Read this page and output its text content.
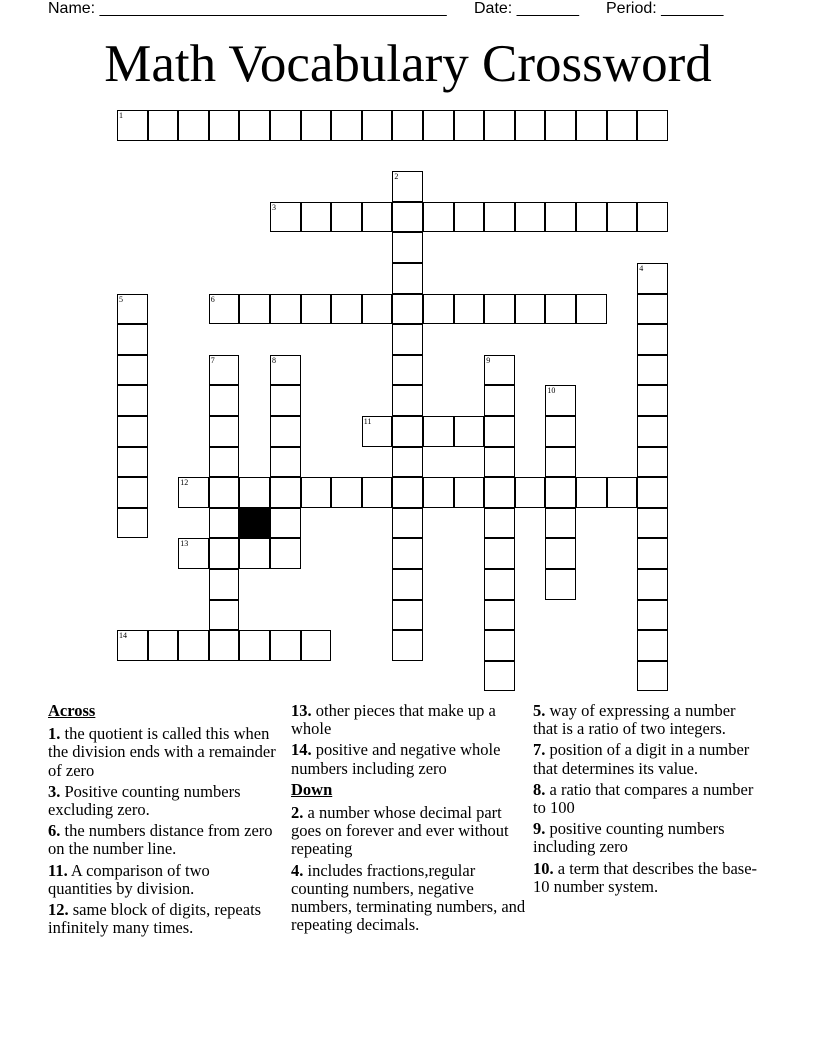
Name: _______________________________________ Date: _______ Period: _______
Math Vocabulary Crossword
1
3
6
11
12
13
14
2
4
5
7	8	9
10
Across
1. the quotient is called this when the division ends with a remainder of zero
3. Positive counting numbers excluding zero.
6. the numbers distance from zero on the number line.
11. A comparison of two quantities by division.
12. same block of digits, repeats infinitely many times.
13. other pieces that make up a whole
14. positive and negative whole numbers including zero
Down
2. a number whose decimal part goes on forever and ever without repeating
4. includes fractions,regular counting numbers, negative numbers, terminating numbers, and repeating decimals.
5. way of expressing a number that is a ratio of two integers.
7. position of a digit in a number that determines its value.
8. a ratio that compares a number to 100
9. positive counting numbers including zero
10. a term that describes the base-10 number system.
